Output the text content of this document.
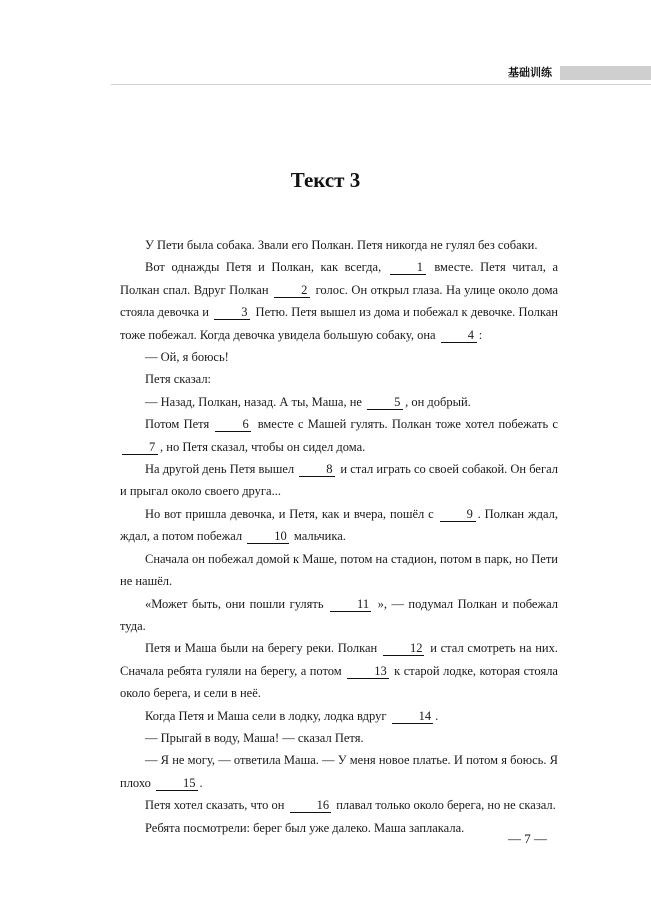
基础训练
Текст 3

У Пети была собака. Звали его Полкан. Петя никогда не гулял без собаки.

Вот однажды Петя и Полкан, как всегда, 1 вместе. Петя читал, а Полкан спал. Вдруг Полкан 2 голос. Он открыл глаза. На улице около дома стояла девочка и 3 Петю. Петя вышел из дома и побежал к девочке. Полкан тоже побежал. Когда девочка увидела большую собаку, она 4 :

— Ой, я боюсь!

Петя сказал:

— Назад, Полкан, назад. А ты, Маша, не 5 , он добрый.

Потом Петя 6 вместе с Машей гулять. Полкан тоже хотел побежать с 7 , но Петя сказал, чтобы он сидел дома.

На другой день Петя вышел 8 и стал играть со своей собакой. Он бегал и прыгал около своего друга...

Но вот пришла девочка, и Петя, как и вчера, пошёл с 9 . Полкан ждал, ждал, а потом побежал 10 мальчика.

Сначала он побежал домой к Маше, потом на стадион, потом в парк, но Пети не нашёл.

«Может быть, они пошли гулять 11 », — подумал Полкан и побежал туда.

Петя и Маша были на берегу реки. Полкан 12 и стал смотреть на них. Сначала ребята гуляли на берегу, а потом 13 к старой лодке, которая стояла около берега, и сели в неё.

Когда Петя и Маша сели в лодку, лодка вдруг 14 .

— Прыгай в воду, Маша! — сказал Петя.

— Я не могу, — ответила Маша. — У меня новое платье. И потом я боюсь. Я плохо 15 .

Петя хотел сказать, что он 16 плавал только около берега, но не сказал.

Ребята посмотрели: берег был уже далеко. Маша заплакала.

— 7 —
